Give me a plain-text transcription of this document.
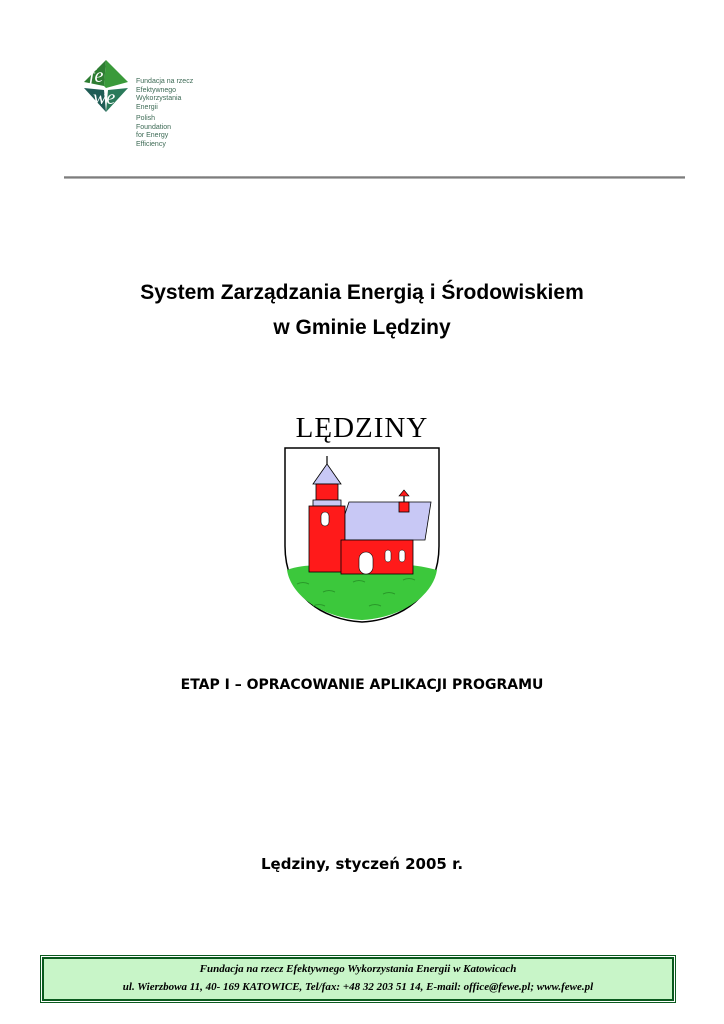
fe
we
Fundacja na rzecz
Efektywnego
Wykorzystania
Energii
Polish
Foundation
for Energy
Efficiency
System Zarządzania Energią i Środowiskiem
w Gminie Lędziny
LĘDZINY
ETAP I – OPRACOWANIE APLIKACJI PROGRAMU
Lędziny, styczeń 2005 r.
Fundacja na rzecz Efektywnego Wykorzystania Energii w Katowicach
ul. Wierzbowa 11, 40- 169 KATOWICE, Tel/fax: +48 32 203 51 14, E-mail: office@fewe.pl; www.fewe.pl
